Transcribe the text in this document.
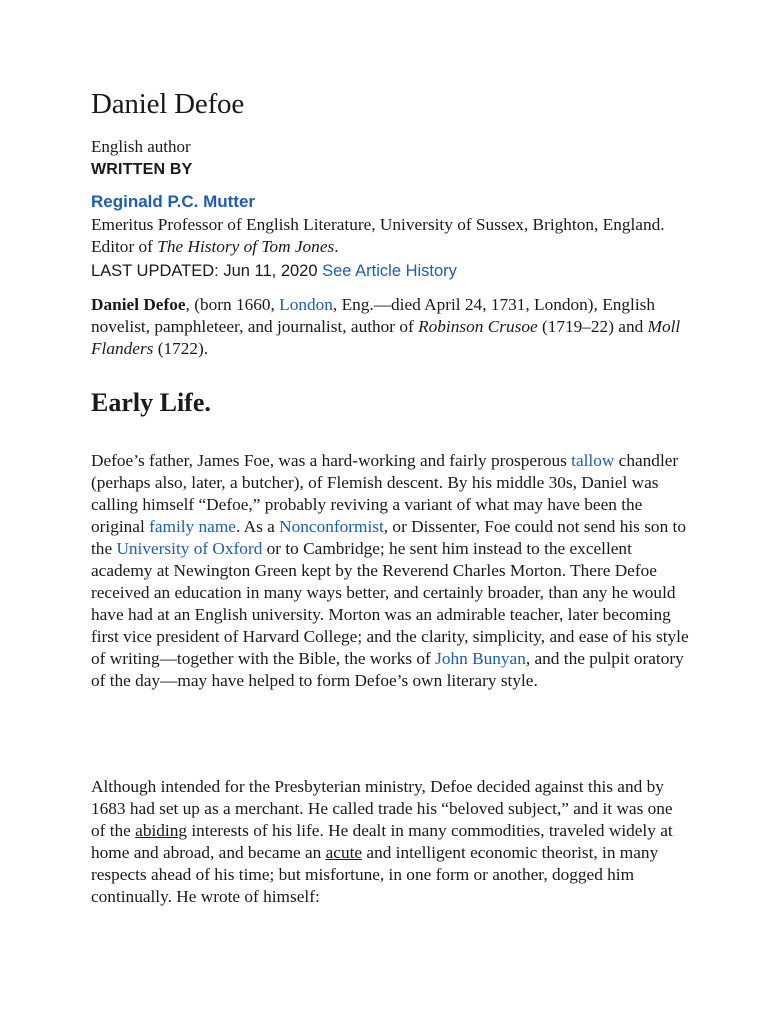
Daniel Defoe
English author
WRITTEN BY
Reginald P.C. Mutter
Emeritus Professor of English Literature, University of Sussex, Brighton, England. Editor of The History of Tom Jones.
LAST UPDATED: Jun 11, 2020 See Article History

Daniel Defoe, (born 1660, London, Eng.—died April 24, 1731, London), English novelist, pamphleteer, and journalist, author of Robinson Crusoe (1719–22) and Moll Flanders (1722).

Early Life.

Defoe’s father, James Foe, was a hard-working and fairly prosperous tallow chandler (perhaps also, later, a butcher), of Flemish descent. By his middle 30s, Daniel was calling himself “Defoe,” probably reviving a variant of what may have been the original family name. As a Nonconformist, or Dissenter, Foe could not send his son to the University of Oxford or to Cambridge; he sent him instead to the excellent academy at Newington Green kept by the Reverend Charles Morton. There Defoe received an education in many ways better, and certainly broader, than any he would have had at an English university. Morton was an admirable teacher, later becoming first vice president of Harvard College; and the clarity, simplicity, and ease of his style of writing—together with the Bible, the works of John Bunyan, and the pulpit oratory of the day—may have helped to form Defoe’s own literary style.

Although intended for the Presbyterian ministry, Defoe decided against this and by 1683 had set up as a merchant. He called trade his “beloved subject,” and it was one of the abiding interests of his life. He dealt in many commodities, traveled widely at home and abroad, and became an acute and intelligent economic theorist, in many respects ahead of his time; but misfortune, in one form or another, dogged him continually. He wrote of himself:
